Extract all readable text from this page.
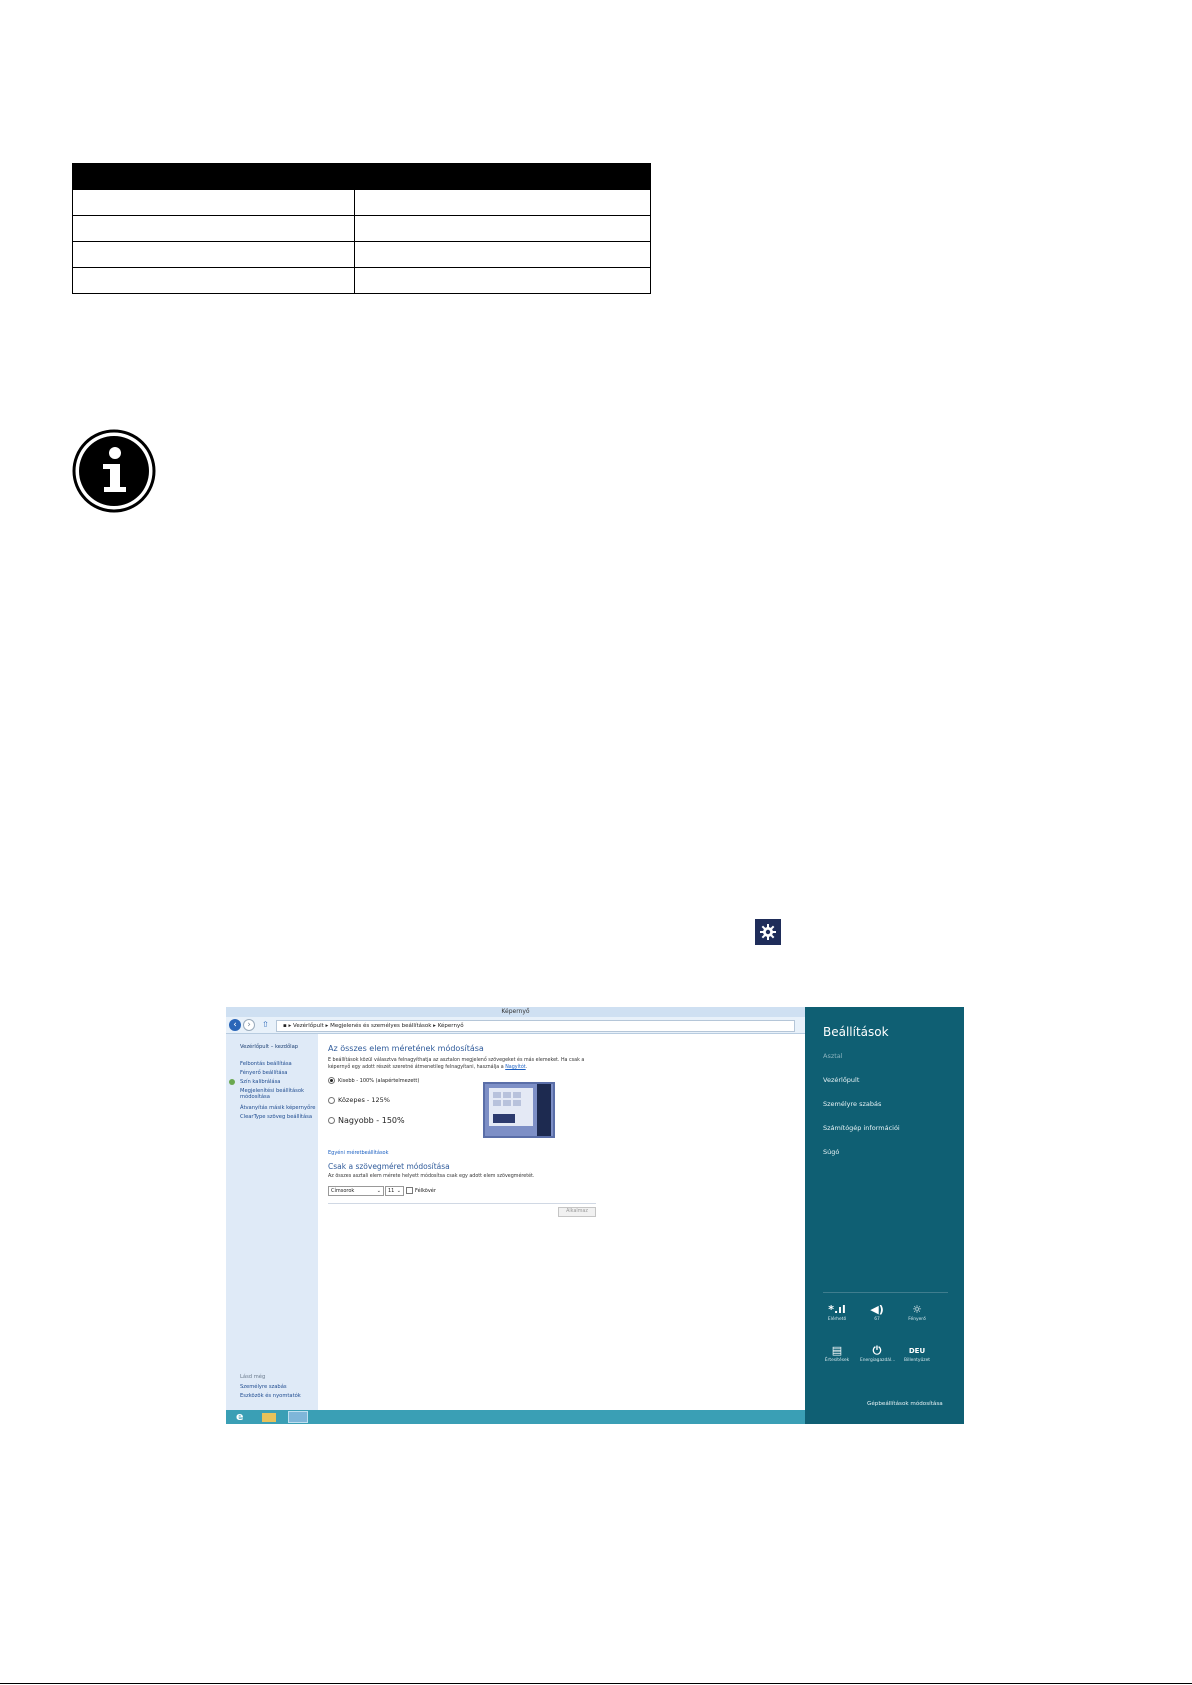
Képernyő
‹	›	⇧	▪ ▸ Vezérlőpult ▸ Megjelenés és személyes beállítások ▸ Képernyő
Vezérlőpult – kezdőlap
Felbontás beállítása
Fényerő beállítása
Szín kalibrálása
Megjelenítési beállítások módosítása
Átvanyítás másik képernyőre
ClearType szöveg beállítása
Lásd még
Személyre szabás
Eszközök és nyomtatók
Az összes elem méretének módosítása
E beállítások közül választva felnagyíthatja az asztalon megjelenő szövegeket és más elemeket. Ha csak a képernyő egy adott részét szeretné átmenetileg felnagyítani, használja a Nagyítót.
Kisebb - 100% (alapértelmezett)
Közepes - 125%
Nagyobb - 150%
Egyéni méretbeállítások
Csak a szövegméret módosítása
Az összes asztali elem mérete helyett módosítsa csak egy adott elem szövegméretét.
Címsorok	⌄	11 ⌄	Félkövér
Alkalmaz
e
Beállítások
Asztal
Vezérlőpult
Személyre szabás
Számítógép információi
Súgó
*.ıl
Elérhető
◀)
67
☼
Fényerő
▤
Értesítések
⏻
Energiagazdál...
DEU
Billentyűzet
Gépbeállítások módosítása
